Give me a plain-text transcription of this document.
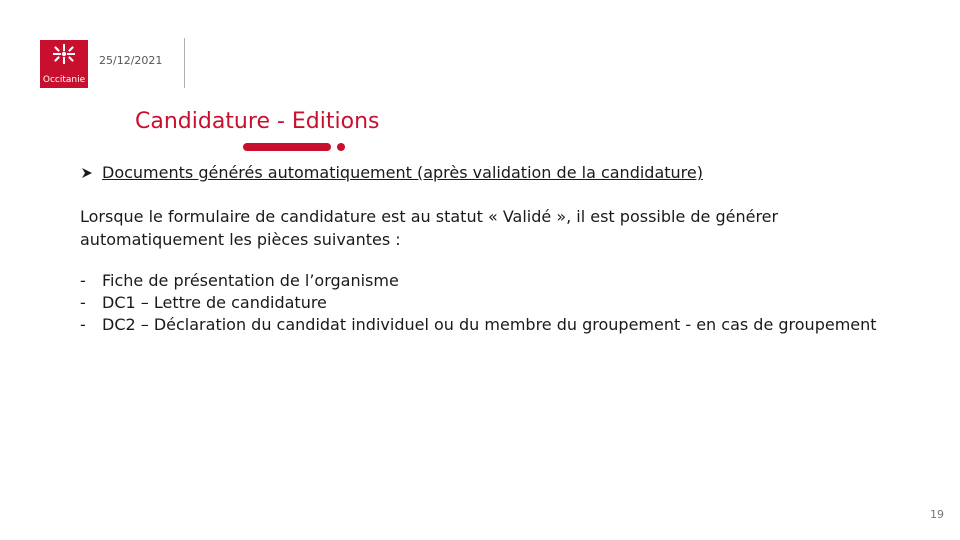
Occitanie
25/12/2021
Candidature - Editions
Documents générés automatiquement (après validation de la candidature)
Lorsque le formulaire de candidature est au statut « Validé », il est possible de générer automatiquement les pièces suivantes :
-	Fiche de présentation de l’organisme
-	DC1 – Lettre de candidature
-	DC2 – Déclaration du candidat individuel ou du membre du groupement - en cas de groupement
19
